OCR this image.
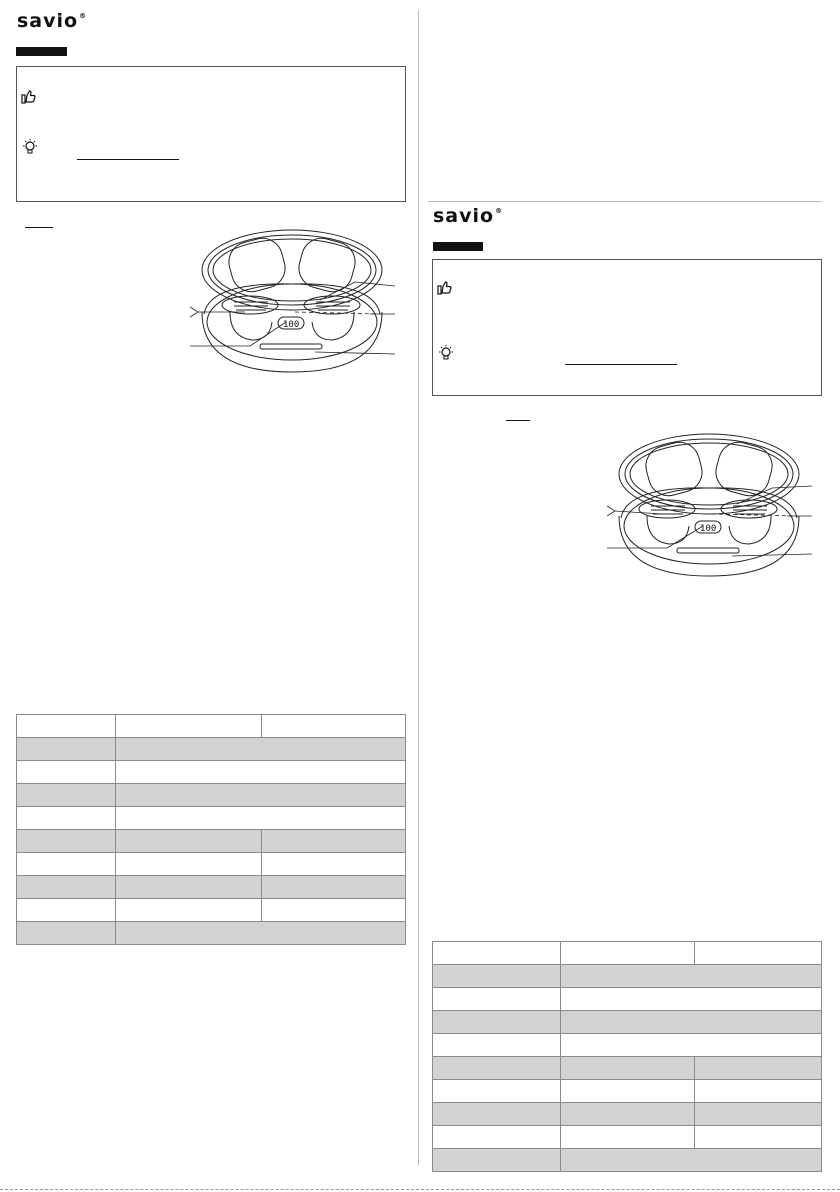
savio®
100

savio®
100
